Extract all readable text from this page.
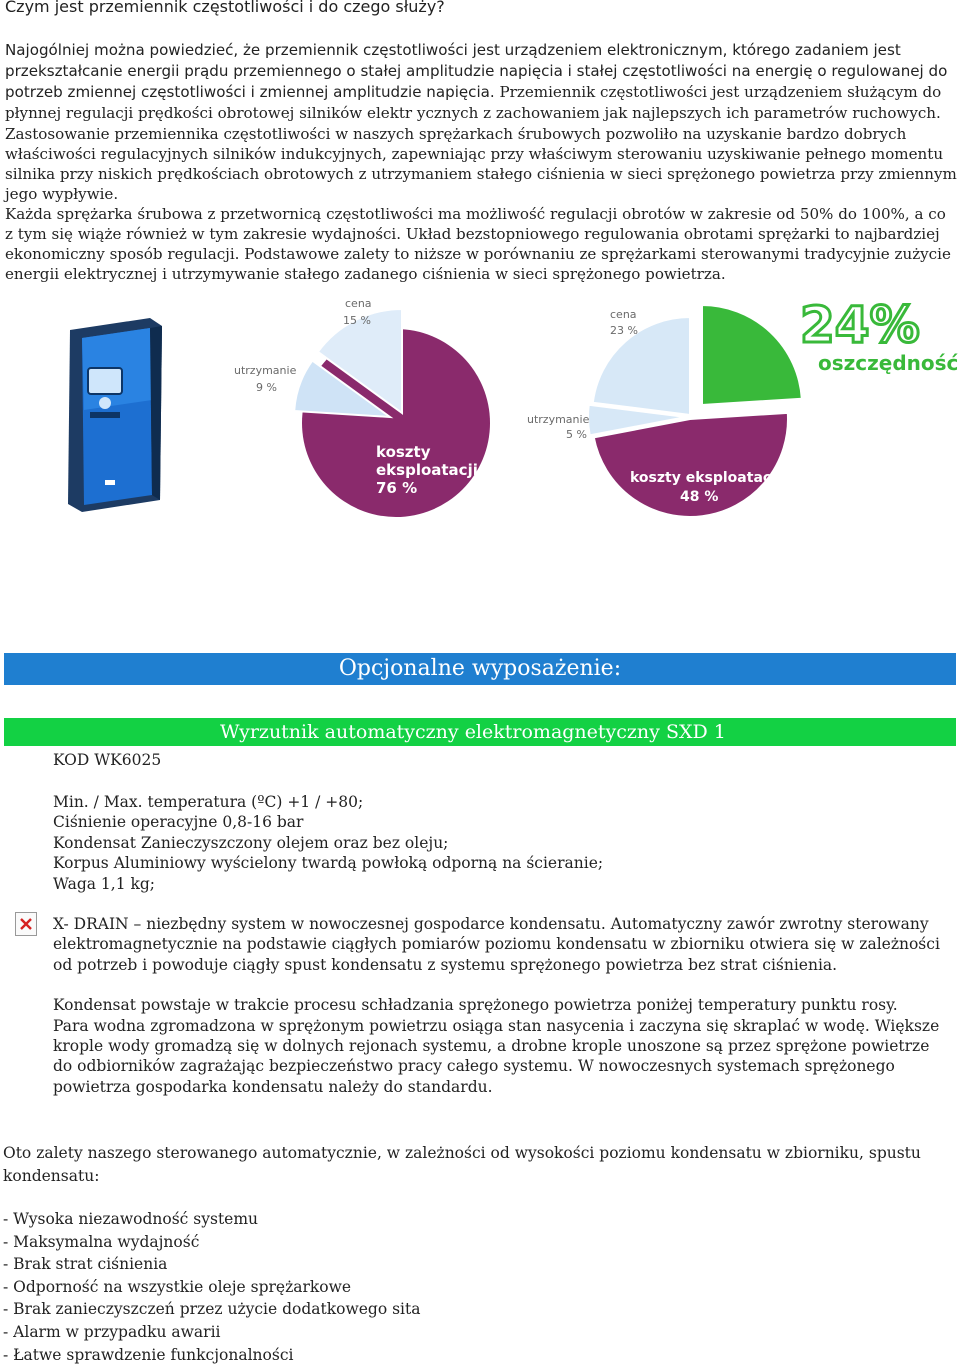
Czym jest przemiennik częstotliwości i do czego służy?

Najogólniej można powiedzieć, że przemiennik częstotliwości jest urządzeniem elektronicznym, którego zadaniem jest przekształcanie energii prądu przemiennego o stałej amplitudzie napięcia i stałej częstotliwości na energię o regulowanej do potrzeb zmiennej częstotliwości i zmiennej amplitudzie napięcia. Przemiennik częstotliwości jest urządzeniem służącym do płynnej regulacji prędkości obrotowej silników elektr ycznych z zachowaniem jak najlepszych ich parametrów ruchowych.

Zastosowanie przemiennika częstotliwości w naszych sprężarkach śrubowych pozwoliło na uzyskanie bardzo dobrych właściwości regulacyjnych silników indukcyjnych, zapewniając przy właściwym sterowaniu uzyskiwanie pełnego momentu silnika przy niskich prędkościach obrotowych z utrzymaniem stałego ciśnienia w sieci sprężonego powietrza przy zmiennym jego wypływie.

Każda sprężarka śrubowa z przetwornicą częstotliwości ma możliwość regulacji obrotów w zakresie od 50% do 100%, a co z tym się wiąże również w tym zakresie wydajności. Układ bezstopniowego regulowania obrotami sprężarki to najbardziej ekonomiczny sposób regulacji. Podstawowe zalety to niższe w porównaniu ze sprężarkami sterowanymi tradycyjnie zużycie energii elektrycznej i utrzymywanie stałego zadanego ciśnienia w sieci sprężonego powietrza.

cena
15 %
utrzymanie
9 %
koszty
eksploatacji
76 %
cena
23 %
utrzymanie
5 %
koszty eksploatacji
48 %
24%
oszczędność
Opcjonalne wyposażenie:
Wyrzutnik automatyczny elektromagnetyczny SXD 1
KOD WK6025
Min. / Max. temperatura (ºC) +1 / +80;
Ciśnienie operacyjne 0,8-16 bar
Kondensat Zanieczyszczony olejem oraz bez oleju;
Korpus Aluminiowy wyścielony twardą powłoką odporną na ścieranie;
Waga 1,1 kg;

X- DRAIN – niezbędny system w nowoczesnej gospodarce kondensatu. Automatyczny zawór zwrotny sterowany elektromagnetycznie na podstawie ciągłych pomiarów poziomu kondensatu w zbiorniku otwiera się w zależności od potrzeb i powoduje ciągły spust kondensatu z systemu sprężonego powietrza bez strat ciśnienia.

Kondensat powstaje w trakcie procesu schładzania sprężonego powietrza poniżej temperatury punktu rosy.

Para wodna zgromadzona w sprężonym powietrzu osiąga stan nasycenia i zaczyna się skraplać w wodę. Większe krople wody gromadzą się w dolnych rejonach systemu, a drobne krople unoszone są przez sprężone powietrze do odbiorników zagrażając bezpieczeństwo pracy całego systemu. W nowoczesnych systemach sprężonego powietrza gospodarka kondensatu należy do standardu.

Oto zalety naszego sterowanego automatycznie, w zależności od wysokości poziomu kondensatu w zbiorniku, spustu kondensatu:
- Wysoka niezawodność systemu
- Maksymalna wydajność
- Brak strat ciśnienia
- Odporność na wszystkie oleje sprężarkowe
- Brak zanieczyszczeń przez użycie dodatkowego sita
- Alarm w przypadku awarii
- Łatwe sprawdzenie funkcjonalności
